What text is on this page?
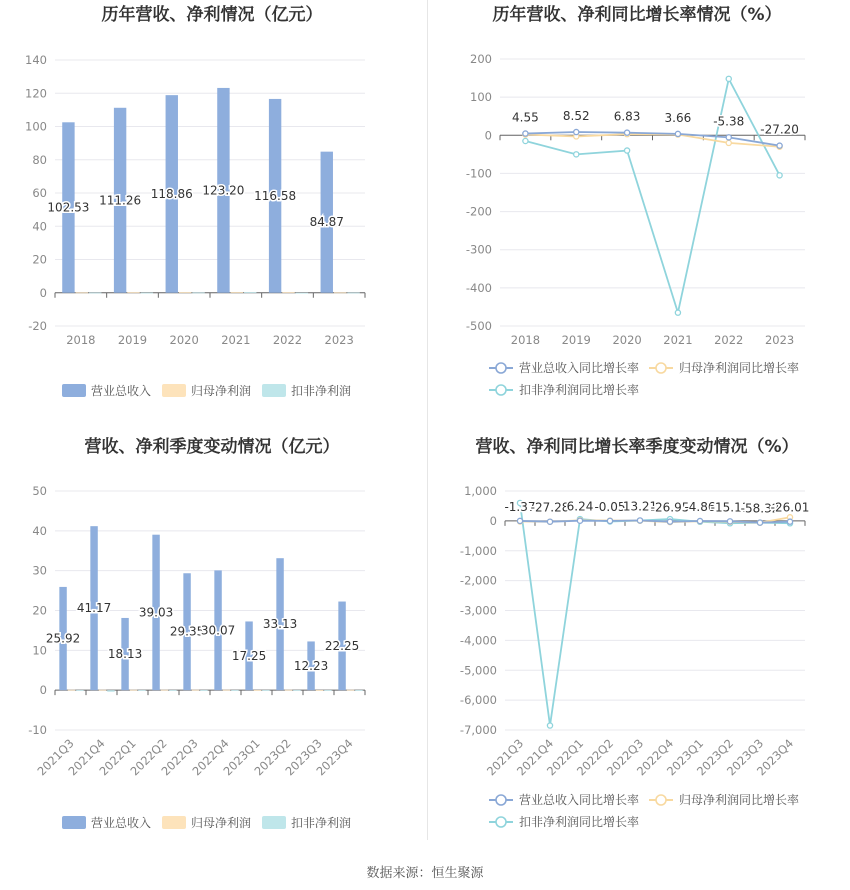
历年营收、净利情况（亿元）
-20
0
20
40
60
80
100
120
140
2018 2019 2020 2021 2022 2023
102.53
111.26 118.86 123.20 116.58
84.87
营业总收入	归母净利润	扣非净利润
历年营收、净利同比增长率情况（%）
-500
-400
-300
-200
-100
0
100
200
2018 2019 2020 2021 2022 2023
4.55 8.52 6.83 3.66 -5.38
-27.20
营业总收入同比增长率	归母净利润同比增长率
扣非净利润同比增长率
营收、净利季度变动情况（亿元）
-10
0
10
20
30
40
50
2021Q3
2021Q4
2022Q1
2022Q2
2022Q3
2022Q4
2023Q1
2023Q2
2023Q3
2023Q4
25.92
41.17
18.13
39.03
29.35
30.07
17.25
33.13
12.23
22.25
营业总收入	归母净利润	扣非净利润
营收、净利同比增长率季度变动情况（%）
-7,000
-6,000
-5,000
-4,000
-3,000
-2,000
-1,000
0
1,000
2021Q3
2021Q4
2022Q1
2022Q2
2022Q3
2022Q4
2023Q1
2023Q2
2023Q3
2023Q4
-1.37
-27.28
6.24 -0.05
13.21
-26.95
-4.86
-15.11
-58.32
-26.01
营业总收入同比增长率	归母净利润同比增长率
扣非净利润同比增长率
数据来源：恒生聚源
